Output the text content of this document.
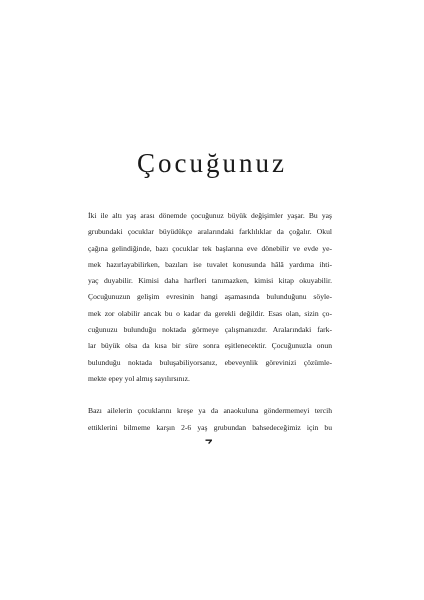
Çocuğunuz
İki ile altı yaş arası dönemde çocuğunuz büyük değişimler yaşar. Bu yaş
grubundaki çocuklar büyüdükçe aralarındaki farklılıklar da çoğalır. Okul
çağına gelindiğinde, bazı çocuklar tek başlarına eve dönebilir ve evde ye-
mek hazırlayabilirken, bazıları ise tuvalet konusunda hâlâ yardıma ihti-
yaç duyabilir. Kimisi daha harfleri tanımazken, kimisi kitap okuyabilir.
Çocuğunuzun gelişim evresinin hangi aşamasında bulunduğunu söyle-
mek zor olabilir ancak bu o kadar da gerekli değildir. Esas olan, sizin ço-
cuğunuzu bulunduğu noktada görmeye çalışmanızdır. Aralarındaki fark-
lar büyük olsa da kısa bir süre sonra eşitlenecektir. Çocuğunuzla onun
bulunduğu noktada buluşabiliyorsanız, ebeveynlik görevinizi çözümle-
mekte epey yol almış sayılırsınız.
Bazı ailelerin çocuklarını kreşe ya da anaokuluna göndermemeyi tercih
ettiklerini bilmeme karşın 2-6 yaş grubundan bahsedeceğimiz için bu
